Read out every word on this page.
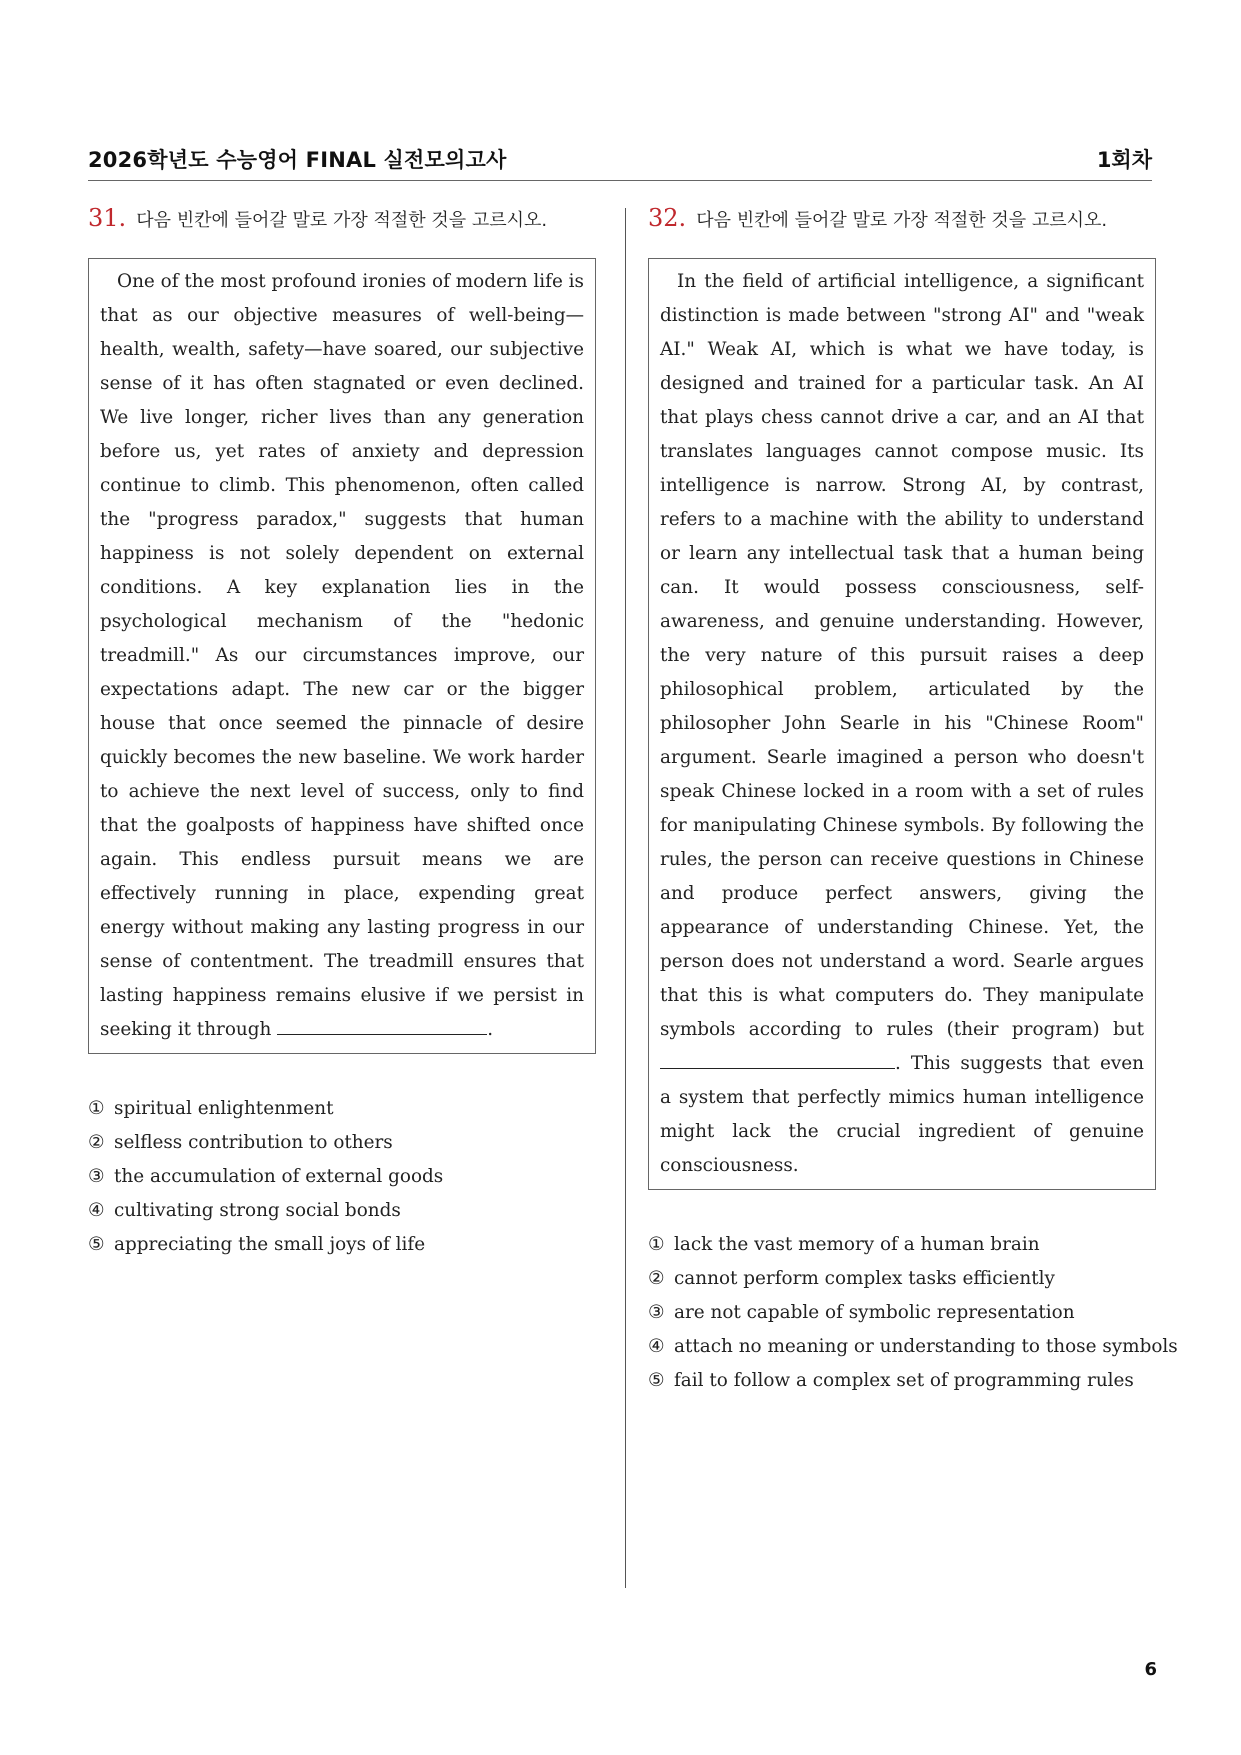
2026학년도 수능영어 FINAL 실전모의고사	1회차
31. 다음 빈칸에 들어갈 말로 가장 적절한 것을 고르시오.

One of the most profound ironies of modern life is that as our objective measures of well-being—health, wealth, safety—have soared, our subjective sense of it has often stagnated or even declined. We live longer, richer lives than any generation before us, yet rates of anxiety and depression continue to climb. This phenomenon, often called the "progress paradox," suggests that human happiness is not solely dependent on external conditions. A key explanation lies in the psychological mechanism of the "hedonic treadmill." As our circumstances improve, our expectations adapt. The new car or the bigger house that once seemed the pinnacle of desire quickly becomes the new baseline. We work harder to achieve the next level of success, only to find that the goalposts of happiness have shifted once again. This endless pursuit means we are effectively running in place, expending great energy without making any lasting progress in our sense of contentment. The treadmill ensures that lasting happiness remains elusive if we persist in seeking it through	.

① spiritual enlightenment
② selfless contribution to others
③ the accumulation of external goods
④ cultivating strong social bonds
⑤ appreciating the small joys of life
32. 다음 빈칸에 들어갈 말로 가장 적절한 것을 고르시오.

In the field of artificial intelligence, a significant distinction is made between "strong AI" and "weak AI." Weak AI, which is what we have today, is designed and trained for a particular task. An AI that plays chess cannot drive a car, and an AI that translates languages cannot compose music. Its intelligence is narrow. Strong AI, by contrast, refers to a machine with the ability to understand or learn any intellectual task that a human being can. It would possess consciousness, self-awareness, and genuine understanding. However, the very nature of this pursuit raises a deep philosophical problem, articulated by the philosopher John Searle in his "Chinese Room" argument. Searle imagined a person who doesn't speak Chinese locked in a room with a set of rules for manipulating Chinese symbols. By following the rules, the person can receive questions in Chinese and produce perfect answers, giving the appearance of understanding Chinese. Yet, the person does not understand a word. Searle argues that this is what computers do. They manipulate symbols according to rules (their program) but . This suggests that even a system that perfectly mimics human intelligence might lack the crucial ingredient of genuine consciousness.

① lack the vast memory of a human brain
② cannot perform complex tasks efficiently
③ are not capable of symbolic representation
④ attach no meaning or understanding to those symbols
⑤ fail to follow a complex set of programming rules
6
